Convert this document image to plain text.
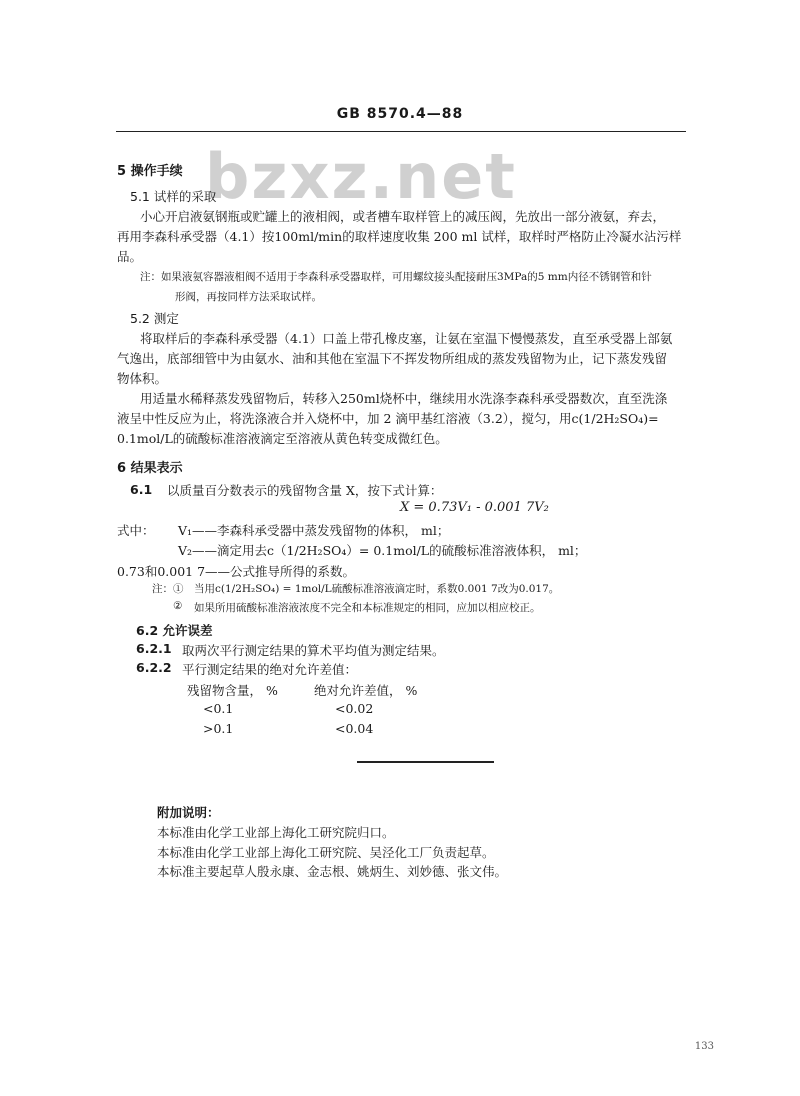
GB 8570.4—88
bzxz.net
5 操作手续
5.1 试样的采取
小心开启液氨钢瓶或贮罐上的液相阀，或者槽车取样管上的减压阀，先放出一部分液氨，弃去，
再用李森科承受器（4.1）按100ml/min的取样速度收集 200 ml 试样，取样时严格防止冷凝水沾污样
品。
注：如果液氨容器液相阀不适用于李森科承受器取样，可用螺纹接头配接耐压3MPa的5 mm内径不锈钢管和针
形阀，再按同样方法采取试样。
5.2 测定
将取样后的李森科承受器（4.1）口盖上带孔橡皮塞，让氨在室温下慢慢蒸发，直至承受器上部氨
气逸出，底部细管中为由氨水、油和其他在室温下不挥发物所组成的蒸发残留物为止，记下蒸发残留
物体积。
用适量水稀释蒸发残留物后，转移入250ml烧杯中，继续用水洗涤李森科承受器数次，直至洗涤
液呈中性反应为止，将洗涤液合并入烧杯中，加 2 滴甲基红溶液（3.2），搅匀，用c(1/2H₂SO₄)=
0.1mol/L的硫酸标准溶液滴定至溶液从黄色转变成微红色。
6 结果表示
6.1 以质量百分数表示的残留物含量 X，按下式计算：
X = 0.73V₁ - 0.001 7V₂
式中： V₁——李森科承受器中蒸发残留物的体积， ml；
V₂——滴定用去c（1/2H₂SO₄）= 0.1mol/L的硫酸标准溶液体积， ml；
0.73和0.001 7——公式推导所得的系数。
注：① 当用c(1/2H₂SO₄) = 1mol/L硫酸标准溶液滴定时，系数0.001 7改为0.017。
② 如果所用硫酸标准溶液浓度不完全和本标准规定的相同，应加以相应校正。
6.2 允许误差
6.2.1 取两次平行测定结果的算术平均值为测定结果。
6.2.2 平行测定结果的绝对允许差值：
残留物含量， %	绝对允许差值， %
<0.1	<0.02
>0.1	<0.04
附加说明：
本标准由化学工业部上海化工研究院归口。
本标准由化学工业部上海化工研究院、吴泾化工厂负责起草。
本标准主要起草人殷永康、金志根、姚炳生、刘妙德、张文伟。
133
